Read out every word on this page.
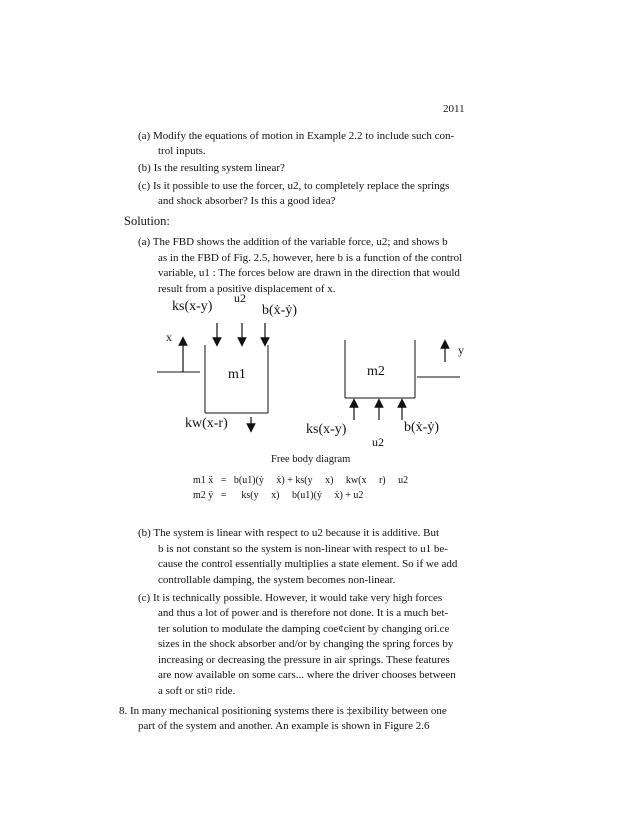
2011
(a) Modify the equations of motion in Example 2.2 to include such con-
trol inputs.
(b) Is the resulting system linear?
(c) Is it possible to use the forcer, u2, to completely replace the springs
and shock absorber? Is this a good idea?
Solution:
(a) The FBD shows the addition of the variable force, u2; and shows b
as in the FBD of Fig. 2.5, however, here b is a function of the control
variable, u1 : The forces below are drawn in the direction that would
result from a positive displacement of x.
ks(x-y)
u2
b(ẋ-ẏ)
x
y
m1	m2
kw(x-r)	ks(x-y)	b(ẋ-ẏ)
u2
Free body diagram
m1 ẍ   =   b(u1)(ẏ     ẋ) + ks(y     x)     kw(x     r)     u2
m2 ÿ   =      ks(y     x)     b(u1)(ẏ     ẋ) + u2
(b) The system is linear with respect to u2 because it is additive. But
b is not constant so the system is non-linear with respect to u1 be-
cause the control essentially multiplies a state element. So if we add
controllable damping, the system becomes non-linear.
(c) It is technically possible. However, it would take very high forces
and thus a lot of power and is therefore not done. It is a much bet-
ter solution to modulate the damping coe¢cient by changing ori.ce
sizes in the shock absorber and/or by changing the spring forces by
increasing or decreasing the pressure in air springs. These features
are now available on some cars... where the driver chooses between
a soft or sti¤ ride.
8. In many mechanical positioning systems there is ‡exibility between one
part of the system and another. An example is shown in Figure 2.6
